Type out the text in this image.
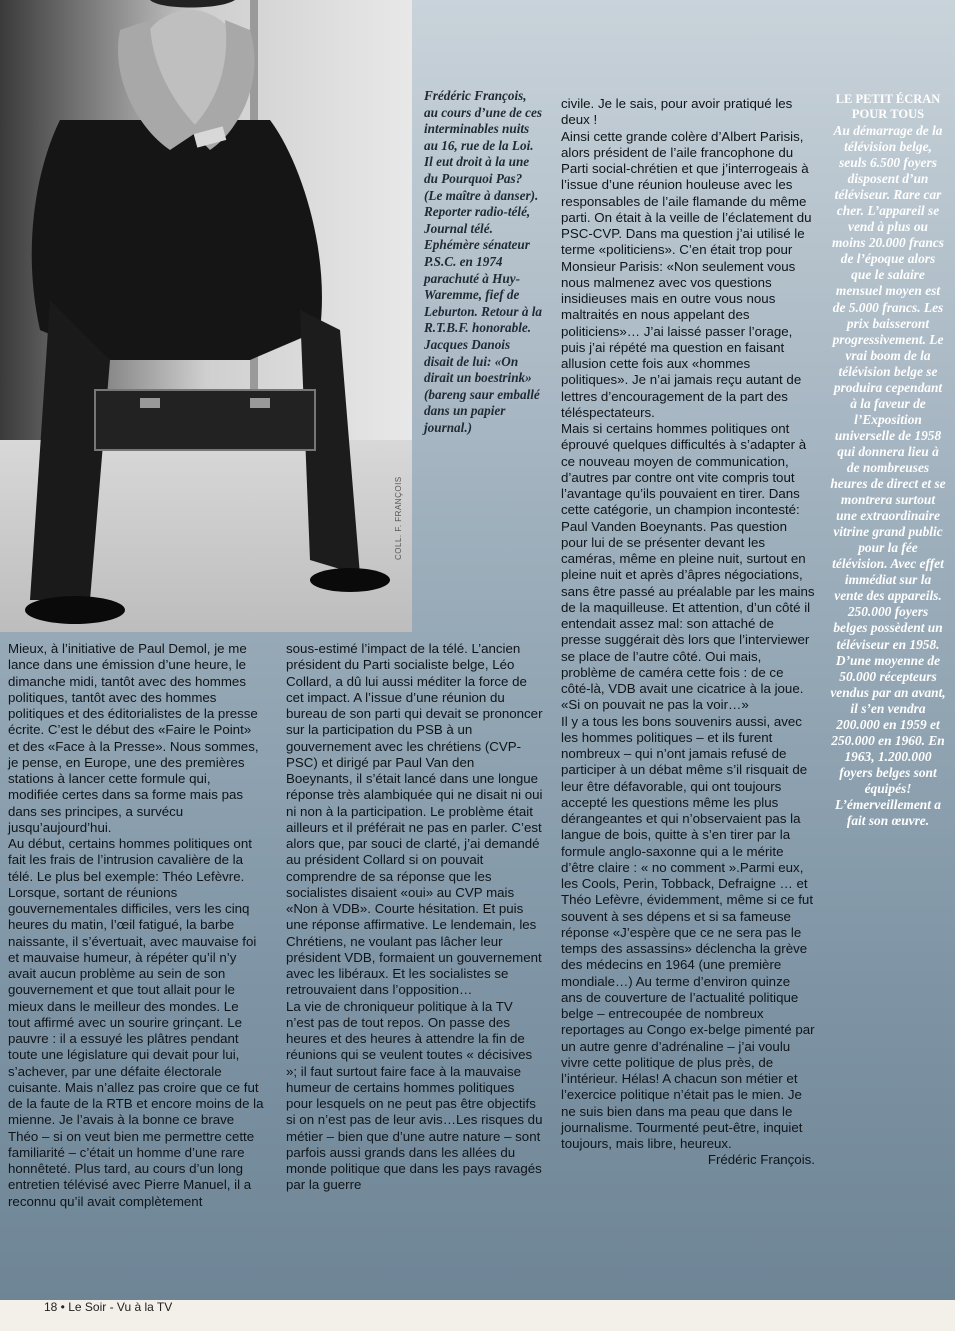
COLL. F. FRANÇOIS
Frédéric François, au cours d’une de ces interminables nuits au 16, rue de la Loi. Il eut droit à la une du Pourquoi Pas? (Le maître à danser). Reporter radio-télé, Journal télé. Ephémère sénateur P.S.C. en 1974 parachuté à Huy-Waremme, fief de Leburton. Retour à la R.T.B.F. honorable. Jacques Danois disait de lui: «On dirait un boestrink» (bareng saur emballé dans un papier journal.)

Mieux, à l’initiative de Paul Demol, je me lance dans une émission d’une heure, le dimanche midi, tantôt avec des hommes politiques, tantôt avec des hommes politiques et des éditorialistes de la presse écrite. C’est le début des «Faire le Point» et des «Face à la Presse». Nous sommes, je pense, en Europe, une des premières stations à lancer cette formule qui, modifiée certes dans sa forme mais pas dans ses principes, a survécu jusqu’aujourd’hui.

Au début, certains hommes politiques ont fait les frais de l’intrusion cavalière de la télé. Le plus bel exemple: Théo Lefèvre. Lorsque, sortant de réunions gouvernementales difficiles, vers les cinq heures du matin, l’œil fatigué, la barbe naissante, il s’évertuait, avec mauvaise foi et mauvaise humeur, à répéter qu’il n’y avait aucun problème au sein de son gouvernement et que tout allait pour le mieux dans le meilleur des mondes. Le tout affirmé avec un sourire grinçant. Le pauvre : il a essuyé les plâtres pendant toute une législature qui devait pour lui, s’achever, par une défaite électorale cuisante. Mais n’allez pas croire que ce fut de la faute de la RTB et encore moins de la mienne. Je l’avais à la bonne ce brave Théo – si on veut bien me permettre cette familiarité – c’était un homme d’une rare honnêteté. Plus tard, au cours d’un long entretien télévisé avec Pierre Manuel, il a reconnu qu’il avait complètement

sous-estimé l’impact de la télé. L’ancien président du Parti socialiste belge, Léo Collard, a dû lui aussi méditer la force de cet impact. A l’issue d’une réunion du bureau de son parti qui devait se prononcer sur la participation du PSB à un gouvernement avec les chrétiens (CVP-PSC) et dirigé par Paul Van den Boeynants, il s’était lancé dans une longue réponse très alambiquée qui ne disait ni oui ni non à la participation. Le problème était ailleurs et il préférait ne pas en parler. C’est alors que, par souci de clarté, j’ai demandé au président Collard si on pouvait comprendre de sa réponse que les socialistes disaient «oui» au CVP mais «Non à VDB». Courte hésitation. Et puis une réponse affirmative. Le lendemain, les Chrétiens, ne voulant pas lâcher leur président VDB, formaient un gouvernement avec les libéraux. Et les socialistes se retrouvaient dans l’opposition…

La vie de chroniqueur politique à la TV n’est pas de tout repos. On passe des heures et des heures à attendre la fin de réunions qui se veulent toutes « décisives »; il faut surtout faire face à la mauvaise humeur de certains hommes politiques pour lesquels on ne peut pas être objectifs si on n’est pas de leur avis…Les risques du métier – bien que d’une autre nature – sont parfois aussi grands dans les allées du monde politique que dans les pays ravagés par la guerre

civile. Je le sais, pour avoir pratiqué les deux !

Ainsi cette grande colère d’Albert Parisis, alors président de l’aile francophone du Parti social-chrétien et que j’interrogeais à l’issue d’une réunion houleuse avec les responsables de l’aile flamande du même parti. On était à la veille de l’éclatement du PSC-CVP. Dans ma question j’ai utilisé le terme «politiciens». C’en était trop pour Monsieur Parisis: «Non seulement vous nous malmenez avec vos questions insidieuses mais en outre vous nous maltraités en nous appelant des politiciens»… J’ai laissé passer l’orage, puis j’ai répété ma question en faisant allusion cette fois aux «hommes politiques». Je n’ai jamais reçu autant de lettres d’encouragement de la part des téléspectateurs.

Mais si certains hommes politiques ont éprouvé quelques difficultés à s’adapter à ce nouveau moyen de communication, d’autres par contre ont vite compris tout l’avantage qu’ils pouvaient en tirer. Dans cette catégorie, un champion incontesté: Paul Vanden Boeynants. Pas question pour lui de se présenter devant les caméras, même en pleine nuit, surtout en pleine nuit et après d’âpres négociations, sans être passé au préalable par les mains de la maquilleuse. Et attention, d’un côté il entendait assez mal: son attaché de presse suggérait dès lors que l’interviewer se place de l’autre côté. Oui mais, problème de caméra cette fois : de ce côté-là, VDB avait une cicatrice à la joue. «Si on pouvait ne pas la voir…»

Il y a tous les bons souvenirs aussi, avec les hommes politiques – et ils furent nombreux – qui n’ont jamais refusé de participer à un débat même s’il risquait de leur être défavorable, qui ont toujours accepté les questions même les plus dérangeantes et qui n’observaient pas la langue de bois, quitte à s’en tirer par la formule anglo-saxonne qui a le mérite d’être claire : « no comment ».Parmi eux, les Cools, Perin, Tobback, Defraigne … et Théo Lefèvre, évidemment, même si ce fut souvent à ses dépens et si sa fameuse réponse «J’espère que ce ne sera pas le temps des assassins» déclencha la grève des médecins en 1964 (une première mondiale…) Au terme d’environ quinze ans de couverture de l’actualité politique belge – entrecoupée de nombreux reportages au Congo ex-belge pimenté par un autre genre d’adrénaline – j’ai voulu vivre cette politique de plus près, de l’intérieur. Hélas! A chacun son métier et l’exercice politique n’était pas le mien. Je ne suis bien dans ma peau que dans le journalisme. Tourmenté peut-être, inquiet toujours, mais libre, heureux.

Frédéric François.

LE PETIT ÉCRAN POUR TOUS
Au démarrage de la télévision belge, seuls 6.500 foyers disposent d’un téléviseur. Rare car cher. L’appareil se vend à plus ou moins 20.000 francs de l’époque alors que le salaire mensuel moyen est de 5.000 francs. Les prix baisseront progressivement. Le vrai boom de la télévision belge se produira cependant à la faveur de l’Exposition universelle de 1958 qui donnera lieu à de nombreuses heures de direct et se montrera surtout une extraordinaire vitrine grand public pour la fée télévision. Avec effet immédiat sur la vente des appareils. 250.000 foyers belges possèdent un téléviseur en 1958. D’une moyenne de 50.000 récepteurs vendus par an avant, il s’en vendra 200.000 en 1959 et 250.000 en 1960. En 1963, 1.200.000 foyers belges sont équipés! L’émerveillement a fait son œuvre.
18 • Le Soir - Vu à la TV
